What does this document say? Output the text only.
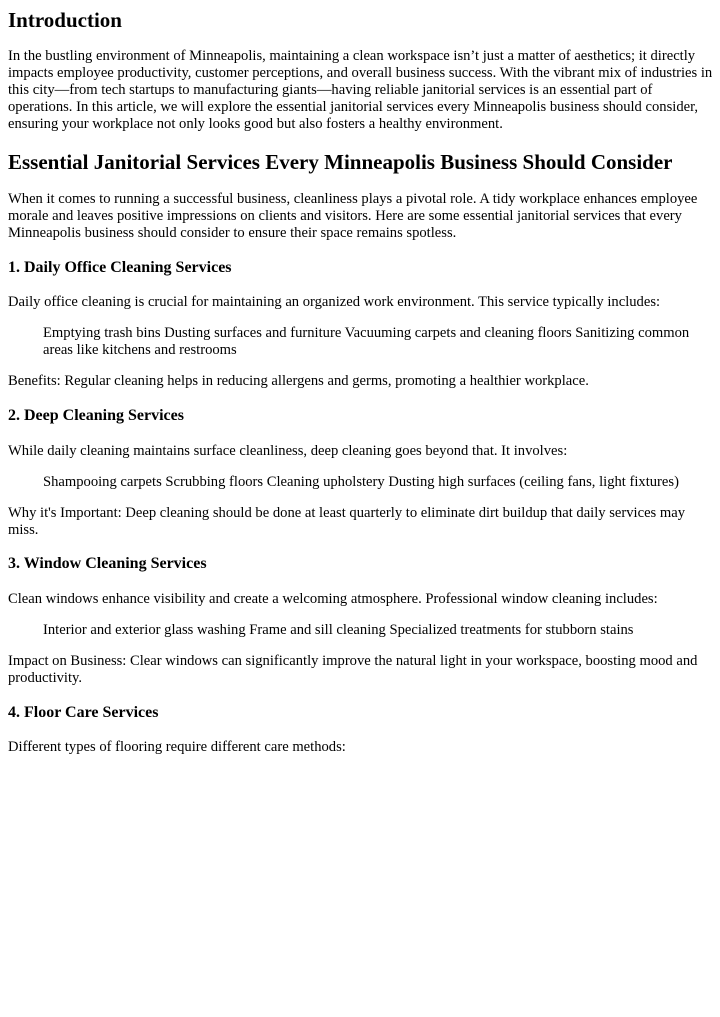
Introduction

In the bustling environment of Minneapolis, maintaining a clean workspace isn’t just a matter of aesthetics; it directly impacts employee productivity, customer perceptions, and overall business success. With the vibrant mix of industries in this city—from tech startups to manufacturing giants—having reliable janitorial services is an essential part of operations. In this article, we will explore the essential janitorial services every Minneapolis business should consider, ensuring your workplace not only looks good but also fosters a healthy environment.

Essential Janitorial Services Every Minneapolis Business Should Consider

When it comes to running a successful business, cleanliness plays a pivotal role. A tidy workplace enhances employee morale and leaves positive impressions on clients and visitors. Here are some essential janitorial services that every Minneapolis business should consider to ensure their space remains spotless.

1. Daily Office Cleaning Services

Daily office cleaning is crucial for maintaining an organized work environment. This service typically includes:

Emptying trash bins Dusting surfaces and furniture Vacuuming carpets and cleaning floors Sanitizing common areas like kitchens and restrooms

Benefits: Regular cleaning helps in reducing allergens and germs, promoting a healthier workplace.

2. Deep Cleaning Services

While daily cleaning maintains surface cleanliness, deep cleaning goes beyond that. It involves:

Shampooing carpets Scrubbing floors Cleaning upholstery Dusting high surfaces (ceiling fans, light fixtures)

Why it's Important: Deep cleaning should be done at least quarterly to eliminate dirt buildup that daily services may miss.

3. Window Cleaning Services

Clean windows enhance visibility and create a welcoming atmosphere. Professional window cleaning includes:

Interior and exterior glass washing Frame and sill cleaning Specialized treatments for stubborn stains

Impact on Business: Clear windows can significantly improve the natural light in your workspace, boosting mood and productivity.

4. Floor Care Services

Different types of flooring require different care methods:
